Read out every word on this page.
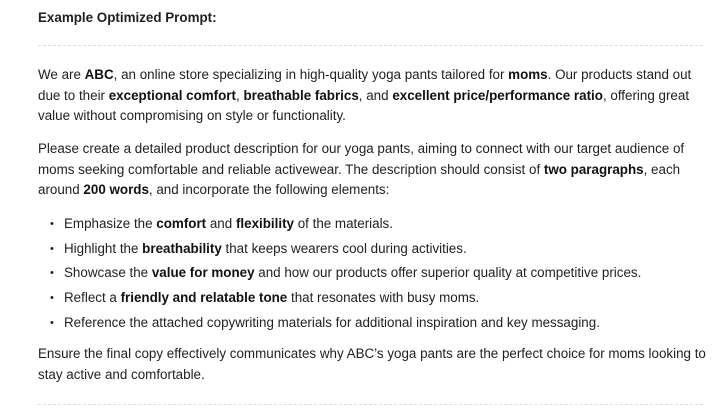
Example Optimized Prompt:

We are ABC, an online store specializing in high-quality yoga pants tailored for moms. Our products stand out due to their exceptional comfort, breathable fabrics, and excellent price/performance ratio, offering great value without compromising on style or functionality.

Please create a detailed product description for our yoga pants, aiming to connect with our target audience of moms seeking comfortable and reliable activewear. The description should consist of two paragraphs, each around 200 words, and incorporate the following elements:

• Emphasize the comfort and flexibility of the materials.
• Highlight the breathability that keeps wearers cool during activities.
• Showcase the value for money and how our products offer superior quality at competitive prices.
• Reflect a friendly and relatable tone that resonates with busy moms.
• Reference the attached copywriting materials for additional inspiration and key messaging.

Ensure the final copy effectively communicates why ABC’s yoga pants are the perfect choice for moms looking to stay active and comfortable.
